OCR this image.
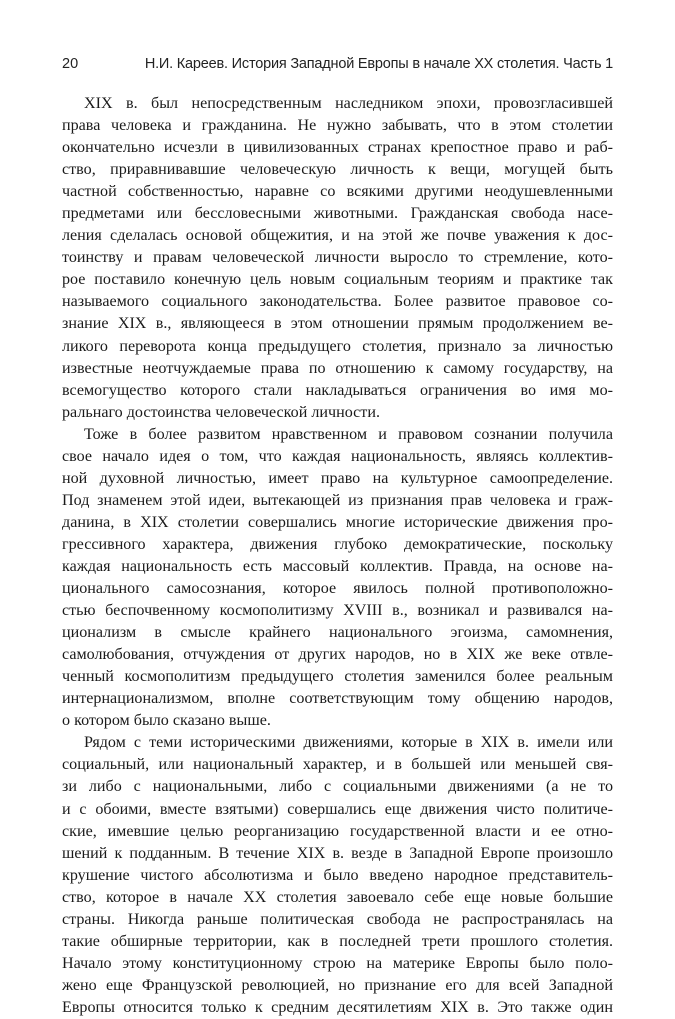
20	Н.И. Кареев. История Западной Европы в начале XX столетия. Часть 1

XIX в. был непосредственным наследником эпохи, провозгласившей
права человека и гражданина. Не нужно забывать, что в этом столетии
окончательно исчезли в цивилизованных странах крепостное право и раб-
ство, приравнивавшие человеческую личность к вещи, могущей быть
частной собственностью, наравне со всякими другими неодушевленными
предметами или бессловесными животными. Гражданская свобода насе-
ления сделалась основой общежития, и на этой же почве уважения к дос-
тоинству и правам человеческой личности выросло то стремление, кото-
рое поставило конечную цель новым социальным теориям и практике так
называемого социального законодательства. Более развитое правовое со-
знание XIX в., являющееся в этом отношении прямым продолжением ве-
ликого переворота конца предыдущего столетия, признало за личностью
известные неотчуждаемые права по отношению к самому государству, на
всемогущество которого стали накладываться ограничения во имя мо-
ральнаго достоинства человеческой личности.

Тоже в более развитом нравственном и правовом сознании получила
свое начало идея о том, что каждая национальность, являясь коллектив-
ной духовной личностью, имеет право на культурное самоопределение.
Под знаменем этой идеи, вытекающей из признания прав человека и граж-
данина, в XIX столетии совершались многие исторические движения про-
грессивного характера, движения глубоко демократические, поскольку
каждая национальность есть массовый коллектив. Правда, на основе на-
ционального самосознания, которое явилось полной противоположно-
стью беспочвенному космополитизму XVIII в., возникал и развивался на-
ционализм в смысле крайнего национального эгоизма, самомнения,
самолюбования, отчуждения от других народов, но в XIX же веке отвле-
ченный космополитизм предыдущего столетия заменился более реальным
интернационализмом, вполне соответствующим тому общению народов,
о котором было сказано выше.

Рядом с теми историческими движениями, которые в XIX в. имели или
социальный, или национальный характер, и в большей или меньшей свя-
зи либо с национальными, либо с социальными движениями (а не то
и с обоими, вместе взятыми) совершались еще движения чисто политиче-
ские, имевшие целью реорганизацию государственной власти и ее отно-
шений к подданным. В течение XIX в. везде в Западной Европе произошло
крушение чистого абсолютизма и было введено народное представитель-
ство, которое в начале XX столетия завоевало себе еще новые большие
страны. Никогда раньше политическая свобода не распространялась на
такие обширные территории, как в последней трети прошлого столетия.
Начало этому конституционному строю на материке Европы было поло-
жено еще Французской революцией, но признание его для всей Западной
Европы относится только к средним десятилетиям XIX в. Это также один
